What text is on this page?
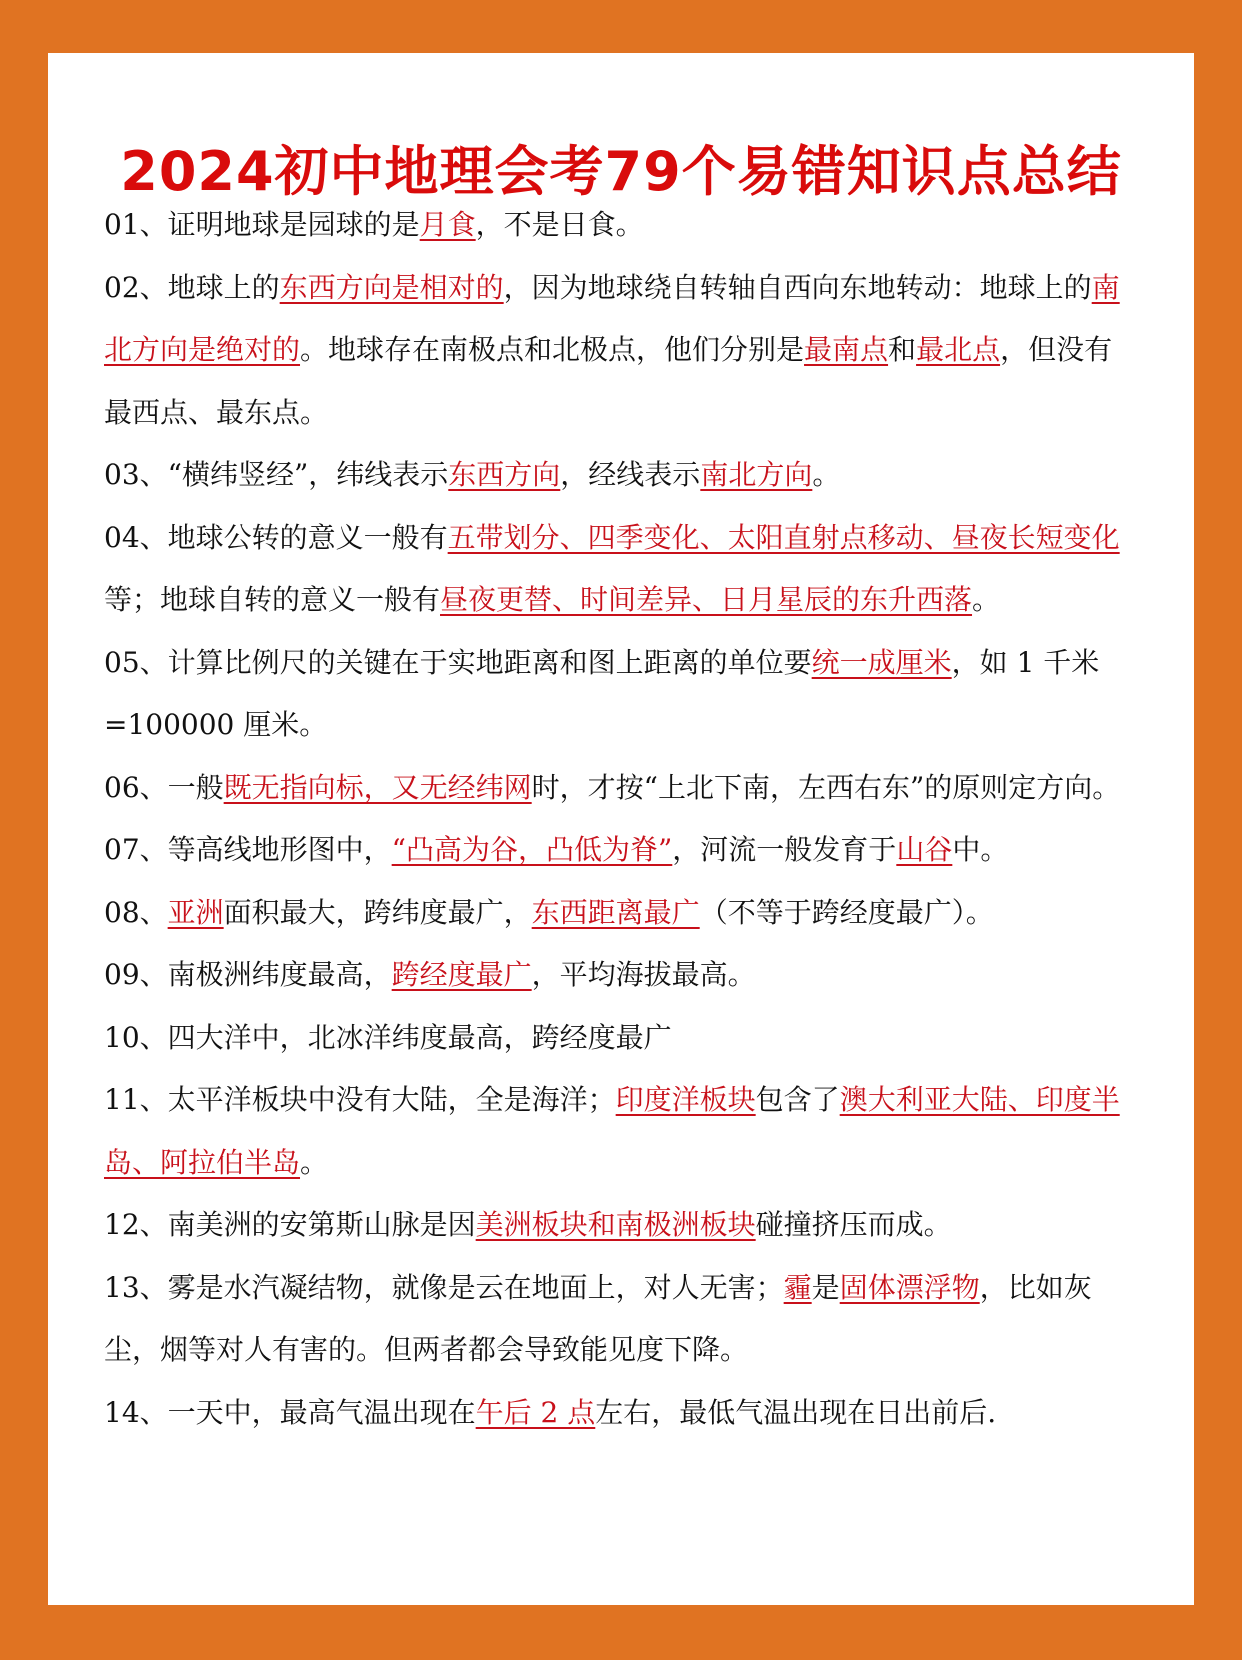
2024初中地理会考79个易错知识点总结

01、证明地球是园球的是月食，不是日食。

02、地球上的东西方向是相对的，因为地球绕自转轴自西向东地转动：地球上的南北方向是绝对的。地球存在南极点和北极点，他们分别是最南点和最北点，但没有最西点、最东点。

03、“横纬竖经”，纬线表示东西方向，经线表示南北方向。

04、地球公转的意义一般有五带划分、四季变化、太阳直射点移动、昼夜长短变化等；地球自转的意义一般有昼夜更替、时间差异、日月星辰的东升西落。

05、计算比例尺的关键在于实地距离和图上距离的单位要统一成厘米，如 1 千米=100000 厘米。

06、一般既无指向标，又无经纬网时，才按“上北下南，左西右东”的原则定方向。

07、等高线地形图中，“凸高为谷，凸低为脊”，河流一般发育于山谷中。

08、亚洲面积最大，跨纬度最广，东西距离最广（不等于跨经度最广）。

09、南极洲纬度最高，跨经度最广，平均海拔最高。

10、四大洋中，北冰洋纬度最高，跨经度最广

11、太平洋板块中没有大陆，全是海洋；印度洋板块包含了澳大利亚大陆、印度半岛、阿拉伯半岛。

12、南美洲的安第斯山脉是因美洲板块和南极洲板块碰撞挤压而成。

13、雾是水汽凝结物，就像是云在地面上，对人无害；霾是固体漂浮物，比如灰尘，烟等对人有害的。但两者都会导致能见度下降。

14、一天中，最高气温出现在午后 2 点左右，最低气温出现在日出前后.
